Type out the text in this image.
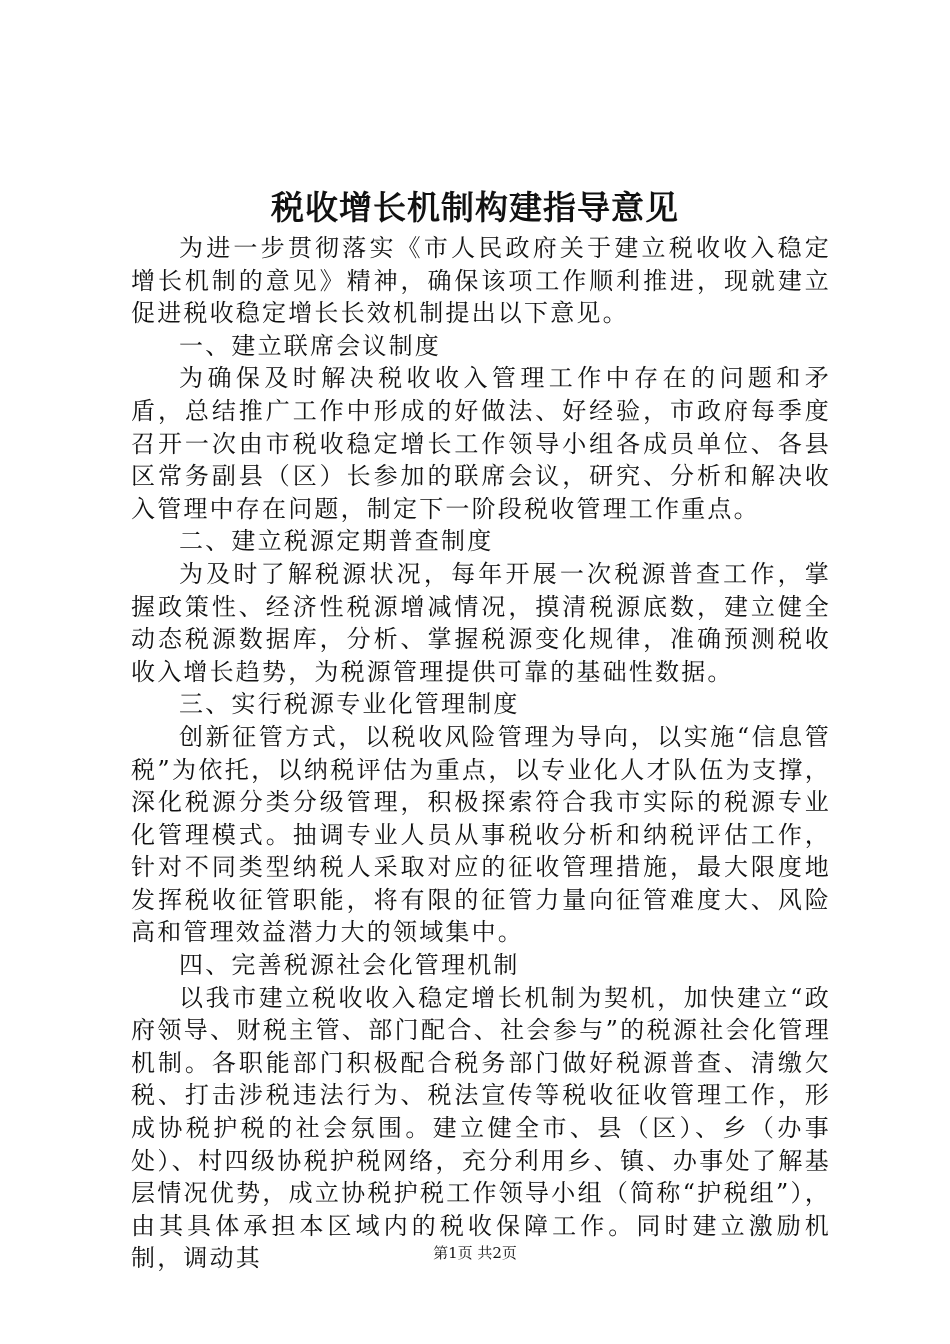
税收增长机制构建指导意见

为进一步贯彻落实《市人民政府关于建立税收收入稳定增长机制的意见》精神，确保该项工作顺利推进，现就建立促进税收稳定增长长效机制提出以下意见。

一、建立联席会议制度

为确保及时解决税收收入管理工作中存在的问题和矛盾，总结推广工作中形成的好做法、好经验，市政府每季度召开一次由市税收稳定增长工作领导小组各成员单位、各县区常务副县（区）长参加的联席会议，研究、分析和解决收入管理中存在问题，制定下一阶段税收管理工作重点。

二、建立税源定期普查制度

为及时了解税源状况，每年开展一次税源普查工作，掌握政策性、经济性税源增减情况，摸清税源底数，建立健全动态税源数据库，分析、掌握税源变化规律，准确预测税收收入增长趋势，为税源管理提供可靠的基础性数据。

三、实行税源专业化管理制度

创新征管方式，以税收风险管理为导向，以实施“信息管税”为依托，以纳税评估为重点，以专业化人才队伍为支撑，深化税源分类分级管理，积极探索符合我市实际的税源专业化管理模式。抽调专业人员从事税收分析和纳税评估工作，针对不同类型纳税人采取对应的征收管理措施，最大限度地发挥税收征管职能，将有限的征管力量向征管难度大、风险高和管理效益潜力大的领域集中。

四、完善税源社会化管理机制

以我市建立税收收入稳定增长机制为契机，加快建立“政府领导、财税主管、部门配合、社会参与”的税源社会化管理机制。各职能部门积极配合税务部门做好税源普查、清缴欠税、打击涉税违法行为、税法宣传等税收征收管理工作，形成协税护税的社会氛围。建立健全市、县（区）、乡（办事处）、村四级协税护税网络，充分利用乡、镇、办事处了解基层情况优势，成立协税护税工作领导小组（简称“护税组”），由其具体承担本区域内的税收保障工作。同时建立激励机制，调动其	第1页 共2页
